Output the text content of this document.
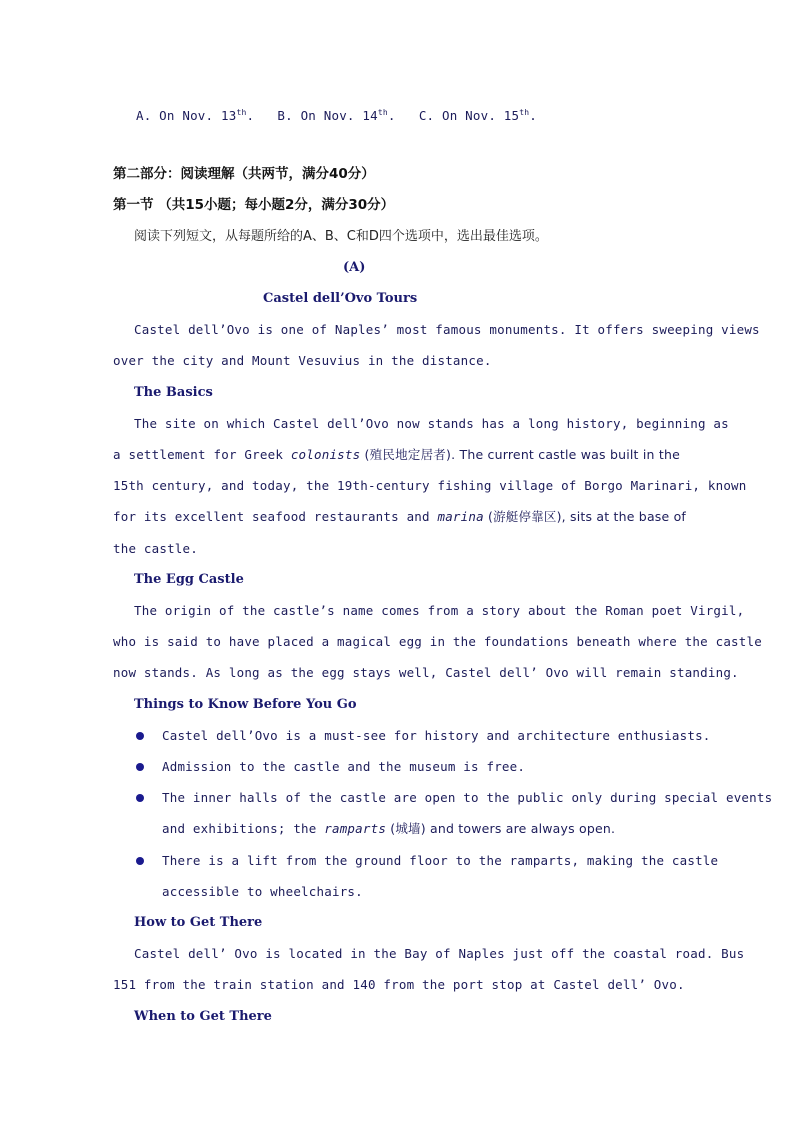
A. On Nov. 13th. B. On Nov. 14th. C. On Nov. 15th.
第二部分：阅读理解（共两节，满分40分）
第一节 （共15小题；每小题2分，满分30分）
阅读下列短文，从每题所给的A、B、C和D四个选项中，选出最佳选项。
(A)
Castel dell’Ovo Tours
Castel dell’Ovo is one of Naples’ most famous monuments. It offers sweeping views
over the city and Mount Vesuvius in the distance.
The Basics
The site on which Castel dell’Ovo now stands has a long history, beginning as
a settlement for Greek colonists (殖民地定居者). The current castle was built in the
15th century, and today, the 19th-century fishing village of Borgo Marinari, known
for its excellent seafood restaurants and marina (游艇停靠区), sits at the base of
the castle.
The Egg Castle
The origin of the castle’s name comes from a story about the Roman poet Virgil,
who is said to have placed a magical egg in the foundations beneath where the castle
now stands. As long as the egg stays well, Castel dell’ Ovo will remain standing.
Things to Know Before You Go
Castel dell’Ovo is a must-see for history and architecture enthusiasts.
Admission to the castle and the museum is free.
The inner halls of the castle are open to the public only during special events
and exhibitions; the ramparts (城墙) and towers are always open.
There is a lift from the ground floor to the ramparts, making the castle
accessible to wheelchairs.
How to Get There
Castel dell’ Ovo is located in the Bay of Naples just off the coastal road. Bus
151 from the train station and 140 from the port stop at Castel dell’ Ovo.
When to Get There
